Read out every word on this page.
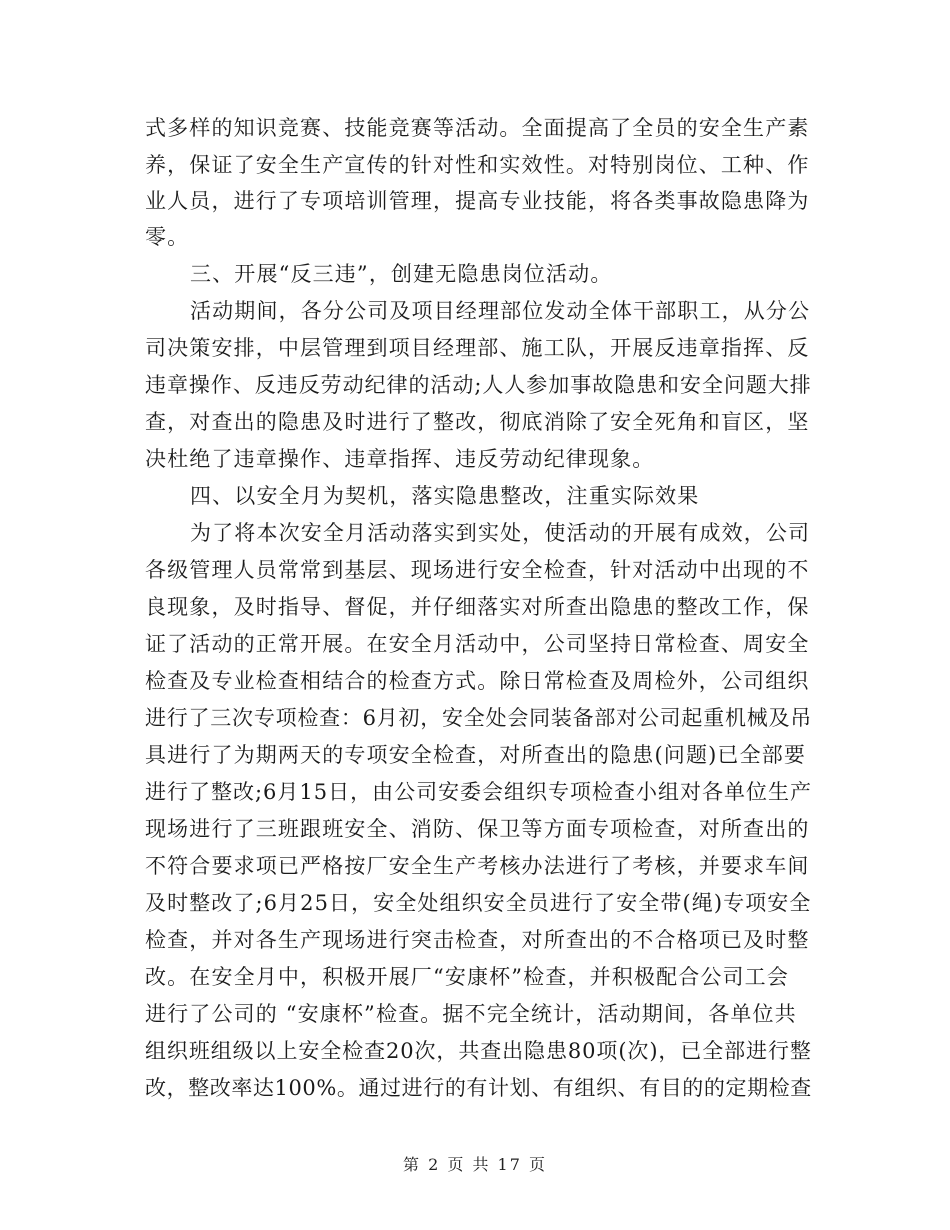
式多样的知识竞赛、技能竞赛等活动。全面提高了全员的安全生产素
养，保证了安全生产宣传的针对性和实效性。对特别岗位、工种、作
业人员，进行了专项培训管理，提高专业技能，将各类事故隐患降为
零。
三、开展“反三违”，创建无隐患岗位活动。
活动期间，各分公司及项目经理部位发动全体干部职工，从分公
司决策安排，中层管理到项目经理部、施工队，开展反违章指挥、反
违章操作、反违反劳动纪律的活动;人人参加事故隐患和安全问题大排
查，对查出的隐患及时进行了整改，彻底消除了安全死角和盲区，坚
决杜绝了违章操作、违章指挥、违反劳动纪律现象。
四、以安全月为契机，落实隐患整改，注重实际效果
为了将本次安全月活动落实到实处，使活动的开展有成效，公司
各级管理人员常常到基层、现场进行安全检查，针对活动中出现的不
良现象，及时指导、督促，并仔细落实对所查出隐患的整改工作，保
证了活动的正常开展。在安全月活动中，公司坚持日常检查、周安全
检查及专业检查相结合的检查方式。除日常检查及周检外，公司组织
进行了三次专项检查：6月初，安全处会同装备部对公司起重机械及吊
具进行了为期两天的专项安全检查，对所查出的隐患(问题)已全部要
进行了整改;6月15日，由公司安委会组织专项检查小组对各单位生产
现场进行了三班跟班安全、消防、保卫等方面专项检查，对所查出的
不符合要求项已严格按厂安全生产考核办法进行了考核，并要求车间
及时整改了;6月25日，安全处组织安全员进行了安全带(绳)专项安全
检查，并对各生产现场进行突击检查，对所查出的不合格项已及时整
改。在安全月中，积极开展厂“安康杯”检查，并积极配合公司工会
进行了公司的 “安康杯”检查。据不完全统计，活动期间，各单位共
组织班组级以上安全检查20次，共查出隐患80项(次)，已全部进行整
改，整改率达100%。通过进行的有计划、有组织、有目的的定期检查
第 2 页 共 17 页
